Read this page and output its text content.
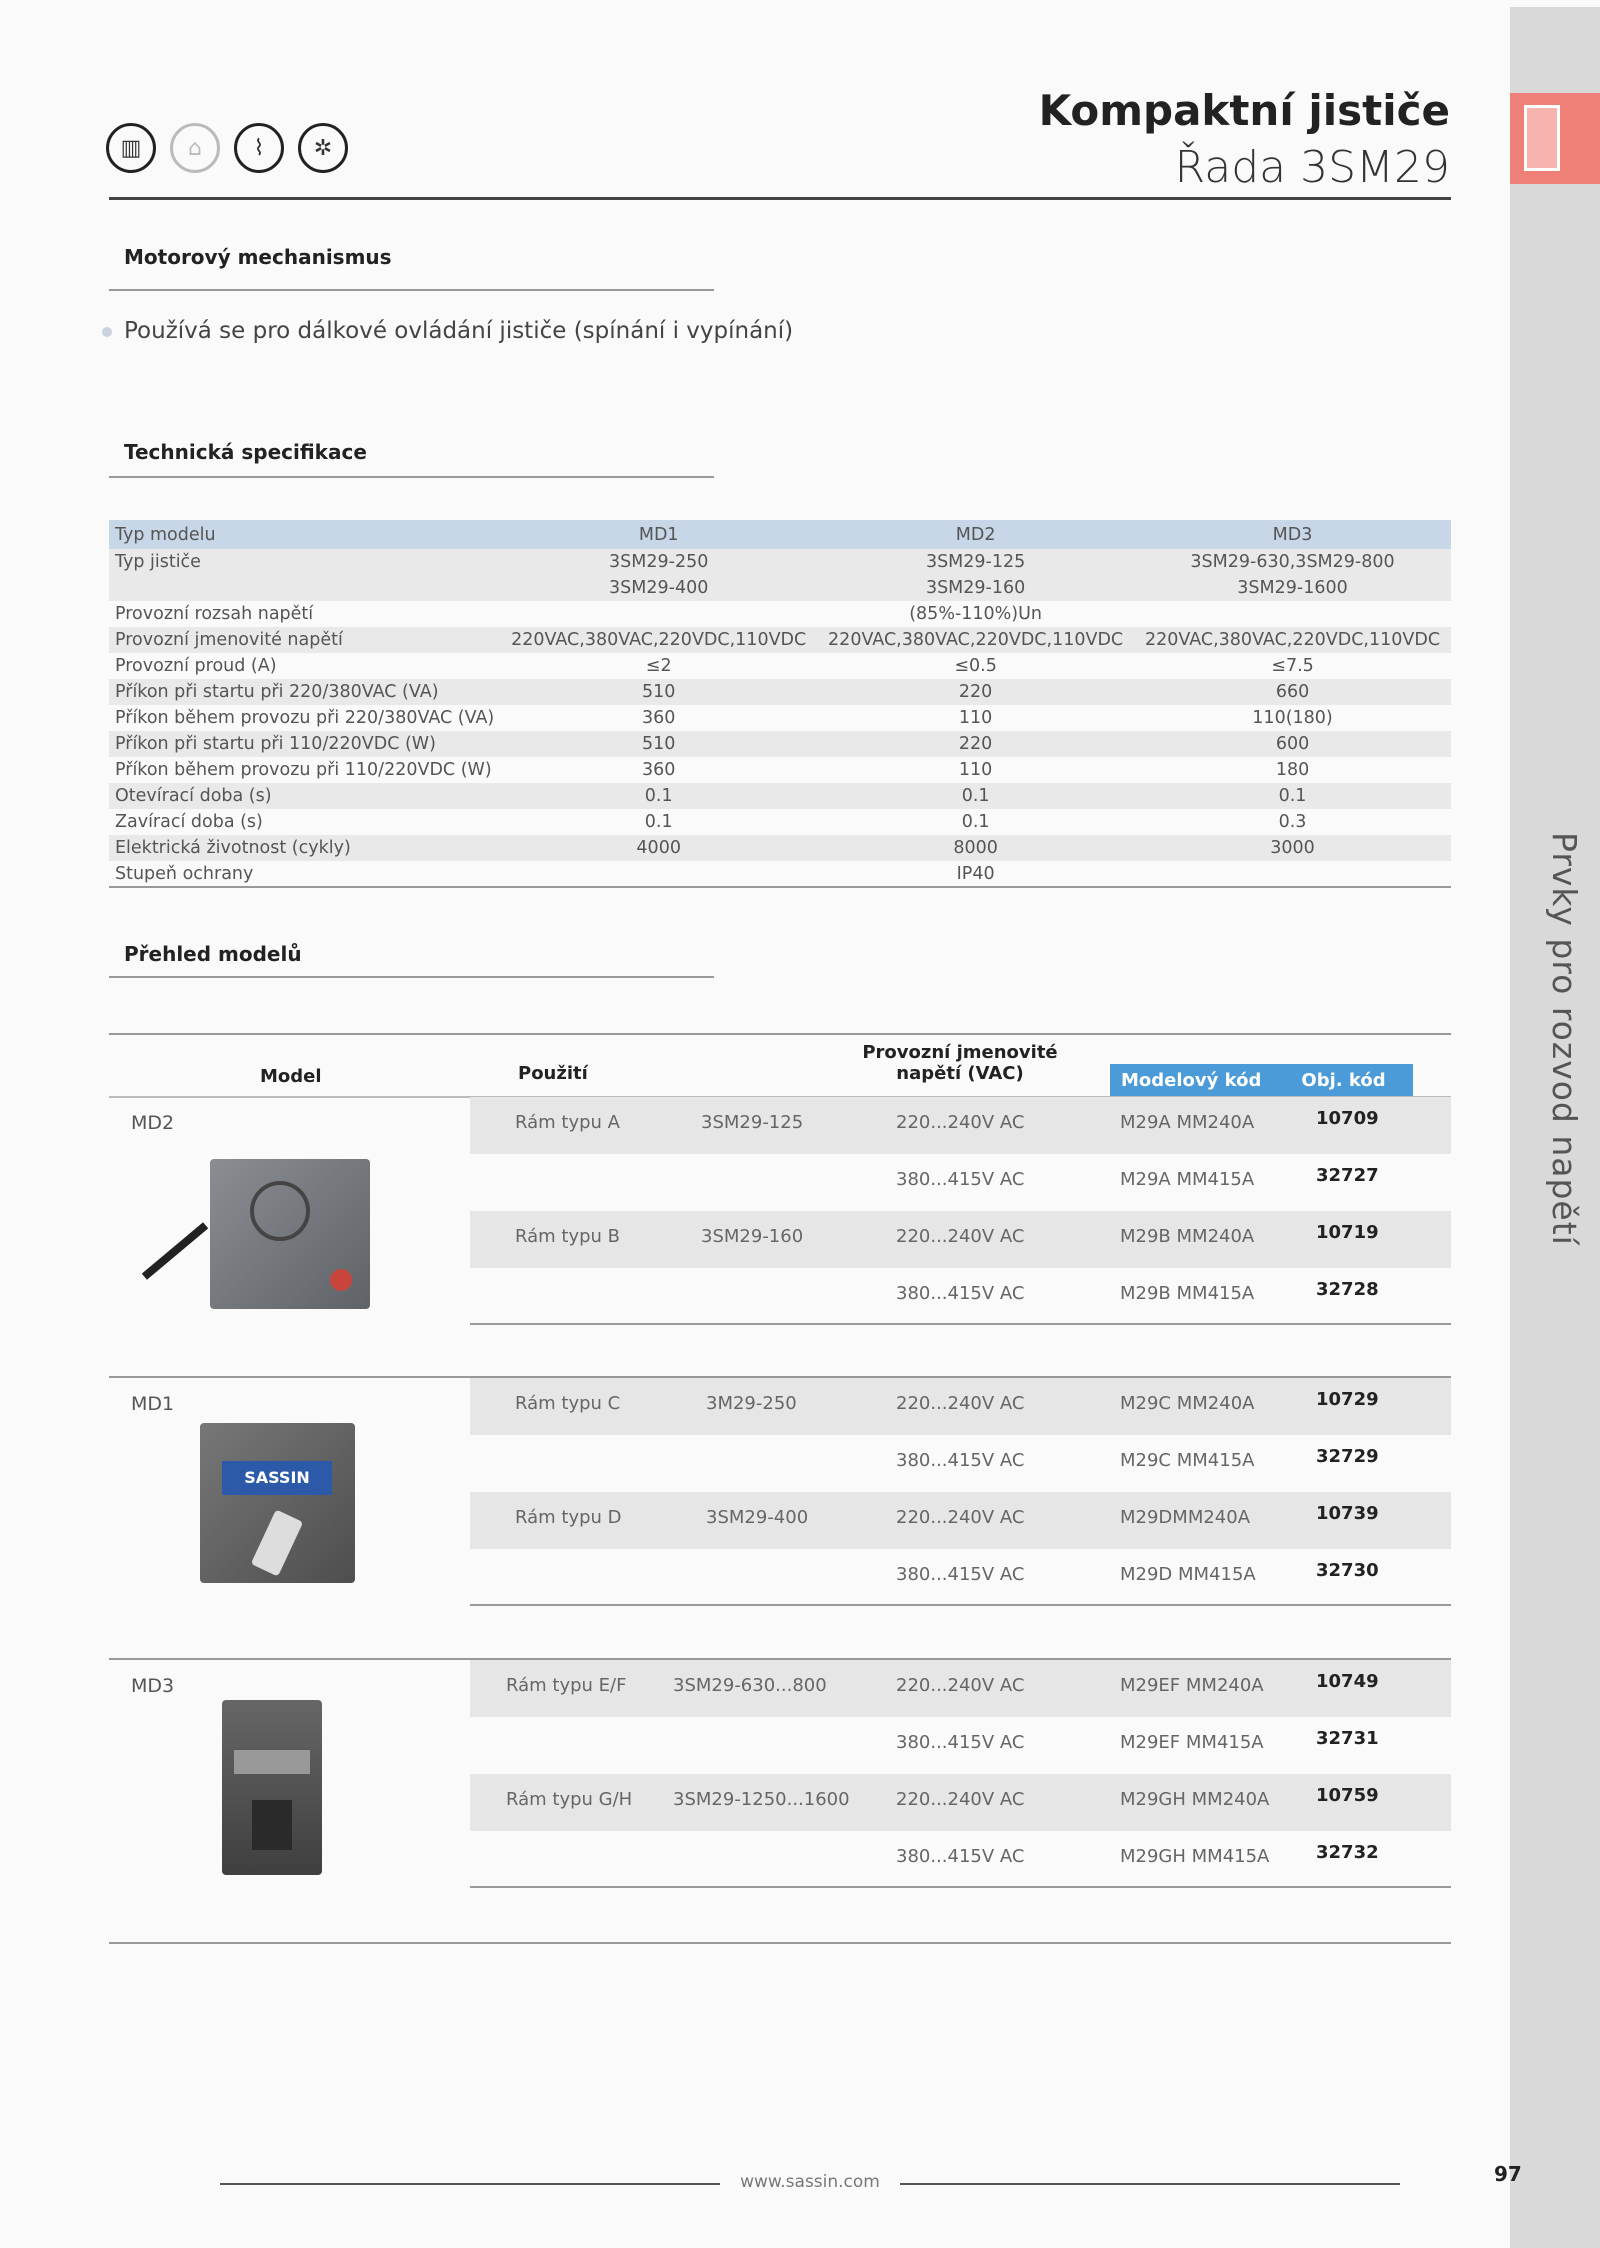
Prvky pro rozvod napětí
▥	⌂	⌇	✲
Kompaktní jističe
Řada 3SM29
Motorový mechanismus
Používá se pro dálkové ovládání jističe (spínání i vypínání)
Technická specifikace
Typ modelu	MD1	MD2	MD3
Typ jističe	3SM29-250	3SM29-125	3SM29-630,3SM29-800
	3SM29-400	3SM29-160	3SM29-1600
Provozní rozsah napětí	(85%-110%)Un		
Provozní jmenovité napětí	220VAC,380VAC,220VDC,110VDC	220VAC,380VAC,220VDC,110VDC	220VAC,380VAC,220VDC,110VDC
Provozní proud (A)	≤2	≤0.5	≤7.5
Příkon při startu při 220/380VAC (VA)	510	220	660
Příkon během provozu při 220/380VAC (VA)	360	110	110(180)
Příkon při startu při 110/220VDC (W)	510	220	600
Příkon během provozu při 110/220VDC (W)	360	110	180
Otevírací doba (s)	0.1	0.1	0.1
Zavírací doba (s)	0.1	0.1	0.3
Elektrická životnost (cykly)	4000	8000	3000
Stupeň ochrany	IP40		
Přehled modelů
Model	Použití
Provozní jmenovité
napětí (VAC)	Modelový kód Obj. kód
MD2	Rám typu A	3SM29-125	220...240V AC	M29A MM240A	10709
380...415V AC	M29A MM415A	32727
Rám typu B	3SM29-160	220...240V AC	M29B MM240A	10719
380...415V AC	M29B MM415A	32728
MD1
SASSIN
Rám typu C	3M29-250	220...240V AC	M29C MM240A	10729
380...415V AC	M29C MM415A	32729
Rám typu D	3SM29-400	220...240V AC	M29DMM240A	10739
380...415V AC	M29D MM415A	32730
MD3	Rám typu E/F	3SM29-630...800	220...240V AC	M29EF MM240A	10749
380...415V AC	M29EF MM415A	32731
Rám typu G/H 3SM29-1250...1600	220...240V AC	M29GH MM240A	10759
380...415V AC	M29GH MM415A	32732
www.sassin.com	97
